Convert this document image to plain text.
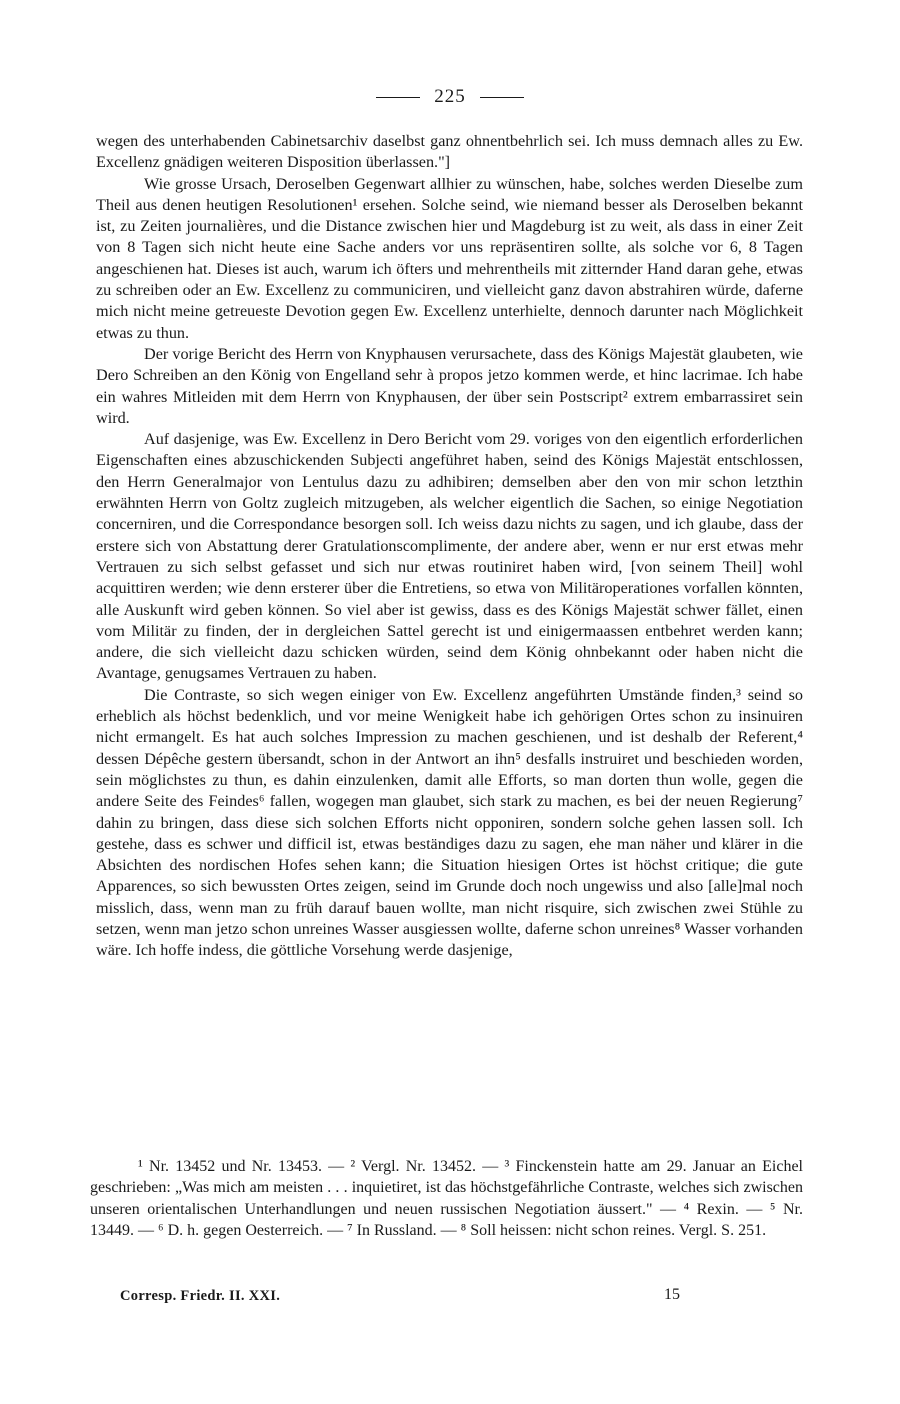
225

wegen des unterhabenden Cabinetsarchiv daselbst ganz ohnentbehrlich sei. Ich muss demnach alles zu Ew. Excellenz gnädigen weiteren Disposition überlassen."]

Wie grosse Ursach, Deroselben Gegenwart allhier zu wünschen, habe, solches werden Dieselbe zum Theil aus denen heutigen Resolutionen¹ ersehen. Solche seind, wie niemand besser als Deroselben bekannt ist, zu Zeiten journalières, und die Distance zwischen hier und Magdeburg ist zu weit, als dass in einer Zeit von 8 Tagen sich nicht heute eine Sache anders vor uns repräsentiren sollte, als solche vor 6, 8 Tagen angeschienen hat. Dieses ist auch, warum ich öfters und mehrentheils mit zitternder Hand daran gehe, etwas zu schreiben oder an Ew. Excellenz zu communiciren, und vielleicht ganz davon abstrahiren würde, daferne mich nicht meine getreueste Devotion gegen Ew. Excellenz unterhielte, dennoch darunter nach Möglichkeit etwas zu thun.

Der vorige Bericht des Herrn von Knyphausen verursachete, dass des Königs Majestät glaubeten, wie Dero Schreiben an den König von Engelland sehr à propos jetzo kommen werde, et hinc lacrimae. Ich habe ein wahres Mitleiden mit dem Herrn von Knyphausen, der über sein Postscript² extrem embarrassiret sein wird.

Auf dasjenige, was Ew. Excellenz in Dero Bericht vom 29. voriges von den eigentlich erforderlichen Eigenschaften eines abzuschickenden Subjecti angeführet haben, seind des Königs Majestät entschlossen, den Herrn Generalmajor von Lentulus dazu zu adhibiren; demselben aber den von mir schon letzthin erwähnten Herrn von Goltz zugleich mitzugeben, als welcher eigentlich die Sachen, so einige Negotiation concerniren, und die Correspondance besorgen soll. Ich weiss dazu nichts zu sagen, und ich glaube, dass der erstere sich von Abstattung derer Gratulationscomplimente, der andere aber, wenn er nur erst etwas mehr Vertrauen zu sich selbst gefasset und sich nur etwas routiniret haben wird, [von seinem Theil] wohl acquittiren werden; wie denn ersterer über die Entretiens, so etwa von Militäroperationes vorfallen könnten, alle Auskunft wird geben können. So viel aber ist gewiss, dass es des Königs Majestät schwer fället, einen vom Militär zu finden, der in dergleichen Sattel gerecht ist und einigermaassen entbehret werden kann; andere, die sich vielleicht dazu schicken würden, seind dem König ohnbekannt oder haben nicht die Avantage, genugsames Vertrauen zu haben.

Die Contraste, so sich wegen einiger von Ew. Excellenz angeführten Umstände finden,³ seind so erheblich als höchst bedenklich, und vor meine Wenigkeit habe ich gehörigen Ortes schon zu insinuiren nicht ermangelt. Es hat auch solches Impression zu machen geschienen, und ist deshalb der Referent,⁴ dessen Dépêche gestern übersandt, schon in der Antwort an ihn⁵ desfalls instruiret und beschieden worden, sein möglichstes zu thun, es dahin einzulenken, damit alle Efforts, so man dorten thun wolle, gegen die andere Seite des Feindes⁶ fallen, wogegen man glaubet, sich stark zu machen, es bei der neuen Regierung⁷ dahin zu bringen, dass diese sich solchen Efforts nicht opponiren, sondern solche gehen lassen soll. Ich gestehe, dass es schwer und difficil ist, etwas beständiges dazu zu sagen, ehe man näher und klärer in die Absichten des nordischen Hofes sehen kann; die Situation hiesigen Ortes ist höchst critique; die gute Apparences, so sich bewussten Ortes zeigen, seind im Grunde doch noch ungewiss und also [alle]mal noch misslich, dass, wenn man zu früh darauf bauen wollte, man nicht risquire, sich zwischen zwei Stühle zu setzen, wenn man jetzo schon unreines Wasser ausgiessen wollte, daferne schon unreines⁸ Wasser vorhanden wäre. Ich hoffe indess, die göttliche Vorsehung werde dasjenige,

¹ Nr. 13452 und Nr. 13453. — ² Vergl. Nr. 13452. — ³ Finckenstein hatte am 29. Januar an Eichel geschrieben: „Was mich am meisten . . . inquietiret, ist das höchstgefährliche Contraste, welches sich zwischen unseren orientalischen Unterhandlungen und neuen russischen Negotiation äussert." — ⁴ Rexin. — ⁵ Nr. 13449. — ⁶ D. h. gegen Oesterreich. — ⁷ In Russland. — ⁸ Soll heissen: nicht schon reines. Vergl. S. 251.

Corresp. Friedr. II. XXI.	15
